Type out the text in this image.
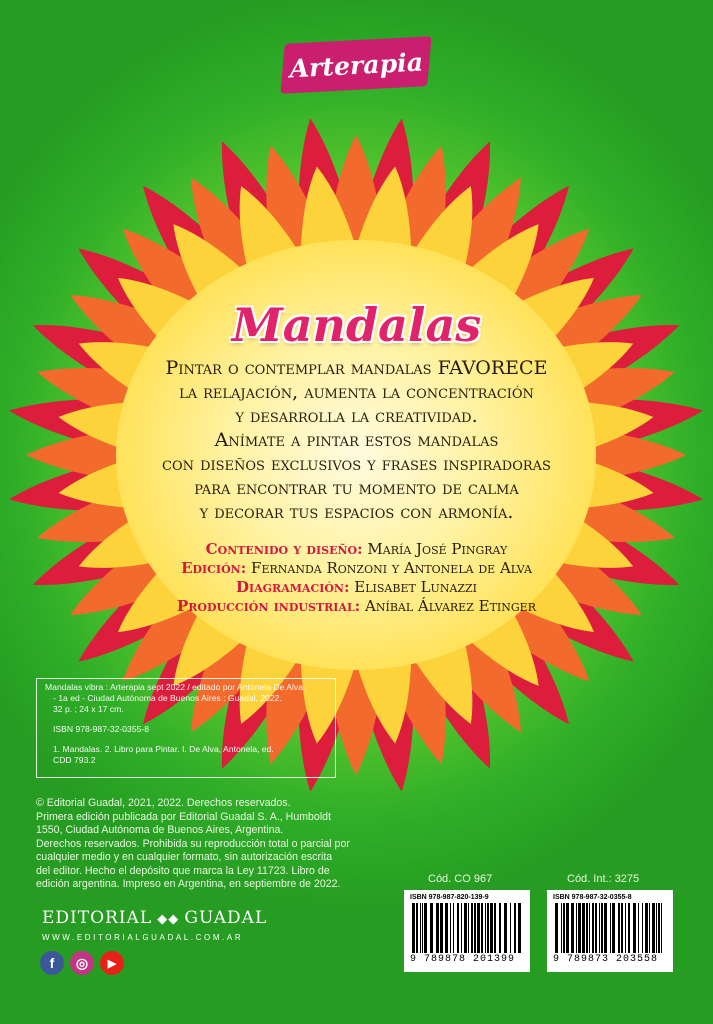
Arterapia
Mandalas
Pintar o contemplar mandalas FAVORECE
la relajación, aumenta la concentración
y desarrolla la creatividad.
Anímate a pintar estos mandalas
con diseños exclusivos y frases inspiradoras
para encontrar tu momento de calma
y decorar tus espacios con armonía.
Contenido y diseño: María José Pingray
Edición: Fernanda Ronzoni y Antonela de Alva
Diagramación: Elisabet Lunazzi
Producción industrial: Aníbal Álvarez Etinger
Mandalas vibra : Arterapia sept 2022 / editado por Antonela De Alva.
- 1a ed - Ciudad Autónoma de Buenos Aires : Guadal, 2022.
32 p. ; 24 x 17 cm.
ISBN 978-987-32-0355-8
1. Mandalas. 2. Libro para Pintar. I. De Alva, Antonela, ed.
CDD 793.2
© Editorial Guadal, 2021, 2022. Derechos reservados.
Primera edición publicada por Editorial Guadal S. A., Humboldt
1550, Ciudad Autónoma de Buenos Aires, Argentina.
Derechos reservados. Prohibida su reproducción total o parcial por
cualquier medio y en cualquier formato, sin autorización escrita
del editor. Hecho el depósito que marca la Ley 11723. Libro de
edición argentina. Impreso en Argentina, en septiembre de 2022.
EDITORIAL ◆◆ GUADAL
WWW.EDITORIALGUADAL.COM.AR
f ◎ ▶
Cód. CO 967	Cód. Int.: 3275
ISBN 978-987-820-139-9
9 789878 201399
ISBN 978-987-32-0355-8
9 789873 203558
